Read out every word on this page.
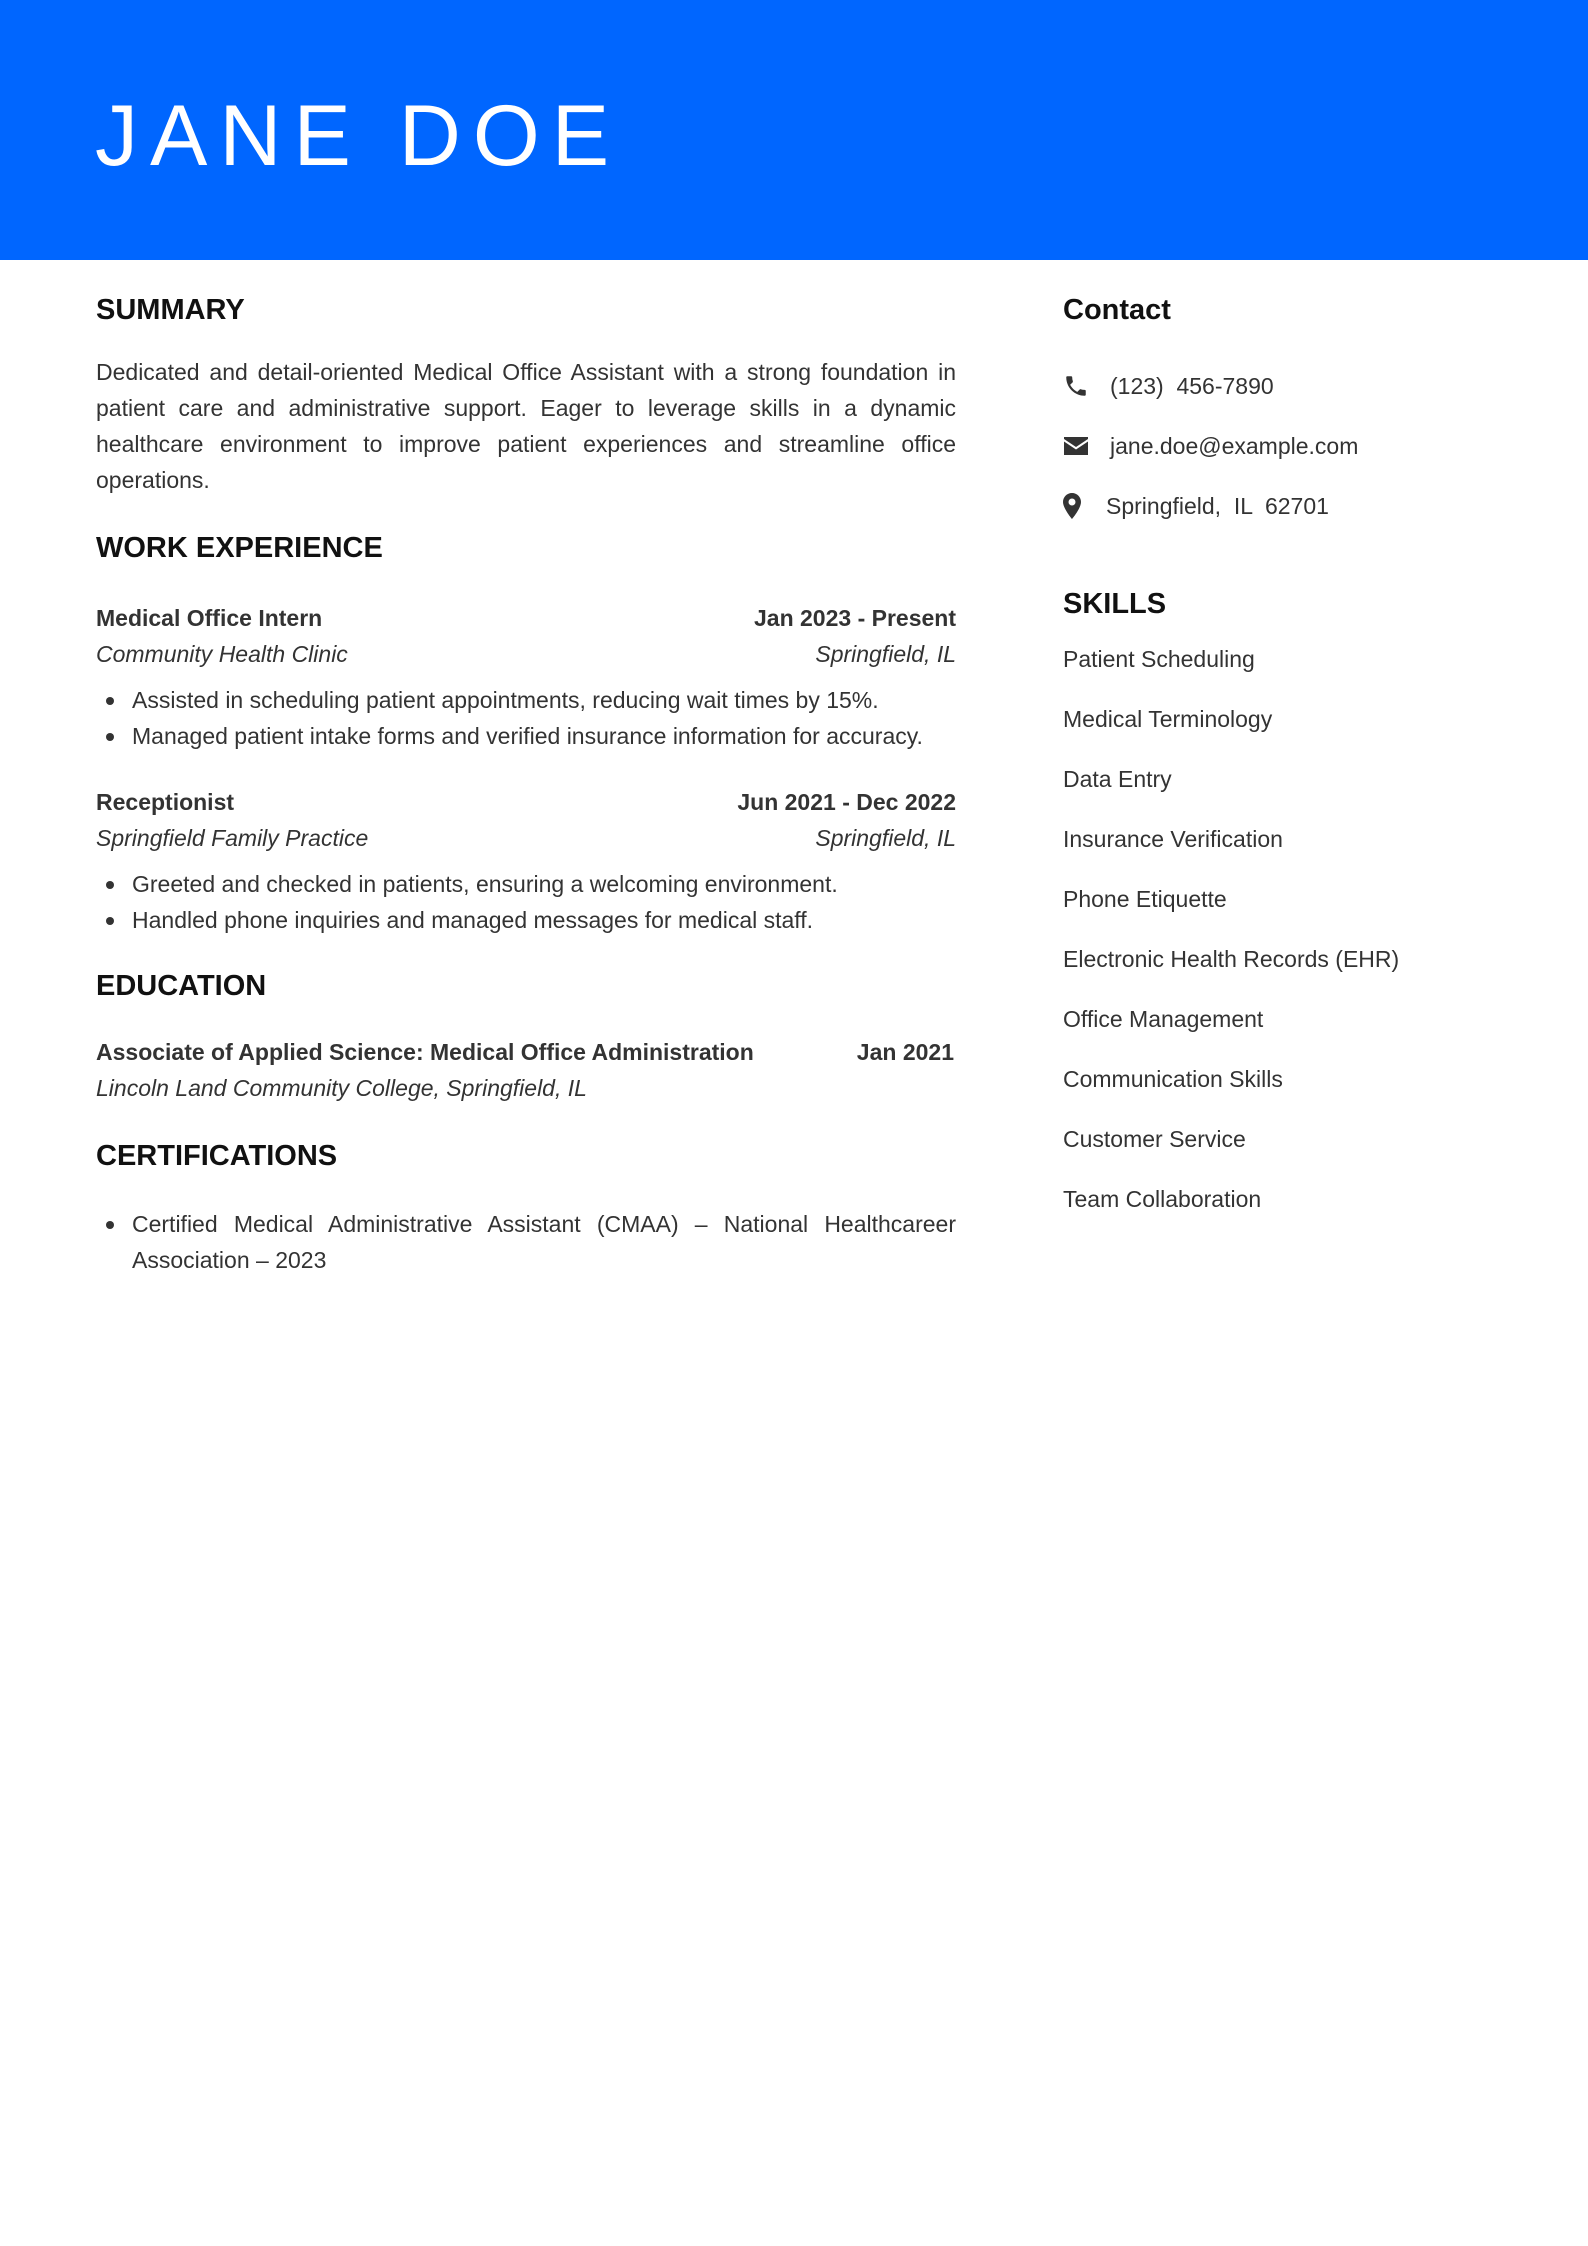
JANE DOE
SUMMARY

Dedicated and detail-oriented Medical Office Assistant with a strong foundation in patient care and administrative support. Eager to leverage skills in a dynamic healthcare environment to improve patient experiences and streamline office operations.

WORK EXPERIENCE
Medical Office Intern	Jan 2023 - Present
Community Health Clinic	Springfield, IL
Assisted in scheduling patient appointments, reducing wait times by 15%.
Managed patient intake forms and verified insurance information for accuracy.
Receptionist	Jun 2021 - Dec 2022
Springfield Family Practice	Springfield, IL
Greeted and checked in patients, ensuring a welcoming environment.
Handled phone inquiries and managed messages for medical staff.
EDUCATION
Associate of Applied Science: Medical Office Administration	Jan 2021
Lincoln Land Community College, Springfield, IL
CERTIFICATIONS
Certified Medical Administrative Assistant (CMAA) – National Healthcareer Association – 2023
Contact
(123)  456-7890
jane.doe@example.com
Springfield,  IL  62701
SKILLS
Patient Scheduling
Medical Terminology
Data Entry
Insurance Verification
Phone Etiquette
Electronic Health Records (EHR)
Office Management
Communication Skills
Customer Service
Team Collaboration
